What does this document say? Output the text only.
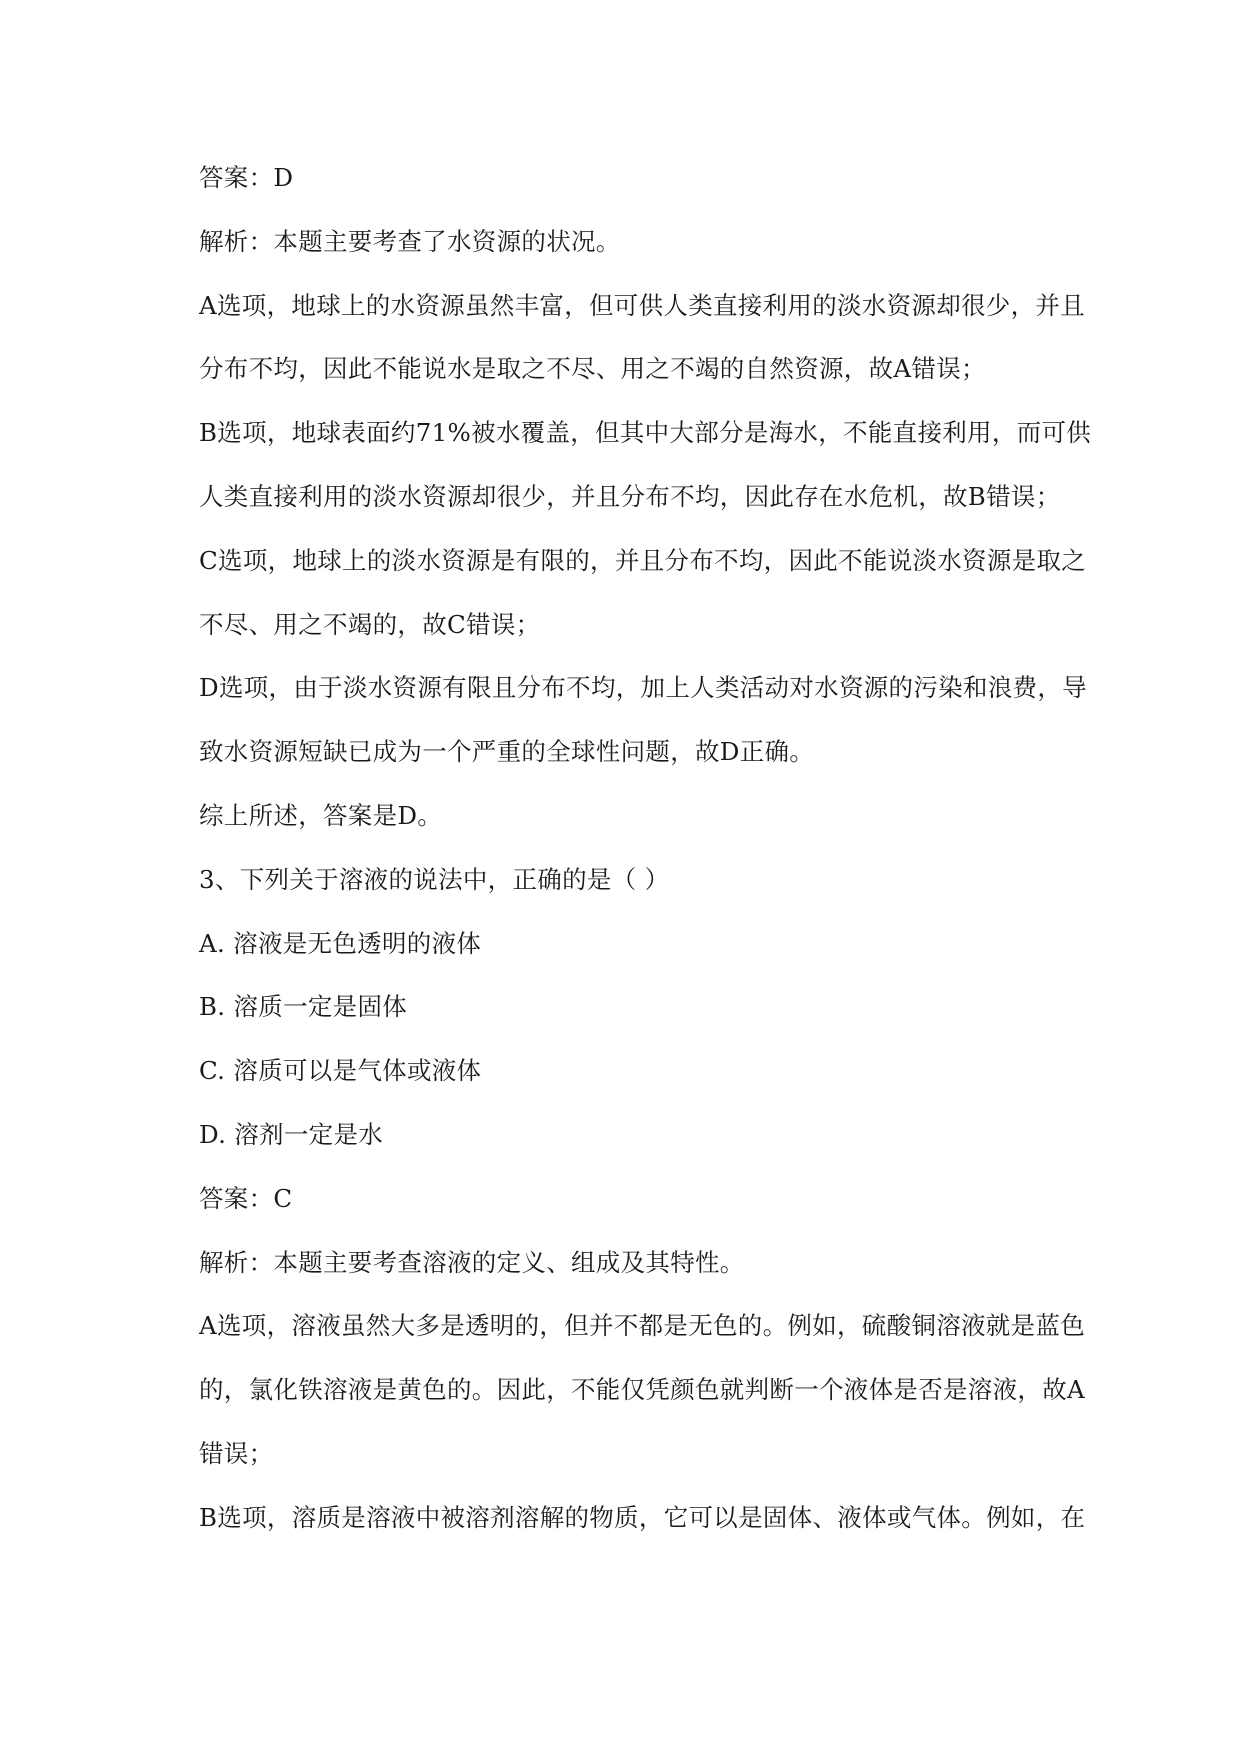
答案：D
解析：本题主要考查了水资源的状况。
A选项，地球上的水资源虽然丰富，但可供人类直接利用的淡水资源却很少，并且
分布不均，因此不能说水是取之不尽、用之不竭的自然资源，故A错误；
B选项，地球表面约71%被水覆盖，但其中大部分是海水，不能直接利用，而可供
人类直接利用的淡水资源却很少，并且分布不均，因此存在水危机，故B错误；
C选项，地球上的淡水资源是有限的，并且分布不均，因此不能说淡水资源是取之
不尽、用之不竭的，故C错误；
D选项，由于淡水资源有限且分布不均，加上人类活动对水资源的污染和浪费，导
致水资源短缺已成为一个严重的全球性问题，故D正确。
综上所述，答案是D。
3、下列关于溶液的说法中，正确的是（ ）
A. 溶液是无色透明的液体
B. 溶质一定是固体
C. 溶质可以是气体或液体
D. 溶剂一定是水
答案：C
解析：本题主要考查溶液的定义、组成及其特性。
A选项，溶液虽然大多是透明的，但并不都是无色的。例如，硫酸铜溶液就是蓝色
的，氯化铁溶液是黄色的。因此，不能仅凭颜色就判断一个液体是否是溶液，故A
错误；
B选项，溶质是溶液中被溶剂溶解的物质，它可以是固体、液体或气体。例如，在
